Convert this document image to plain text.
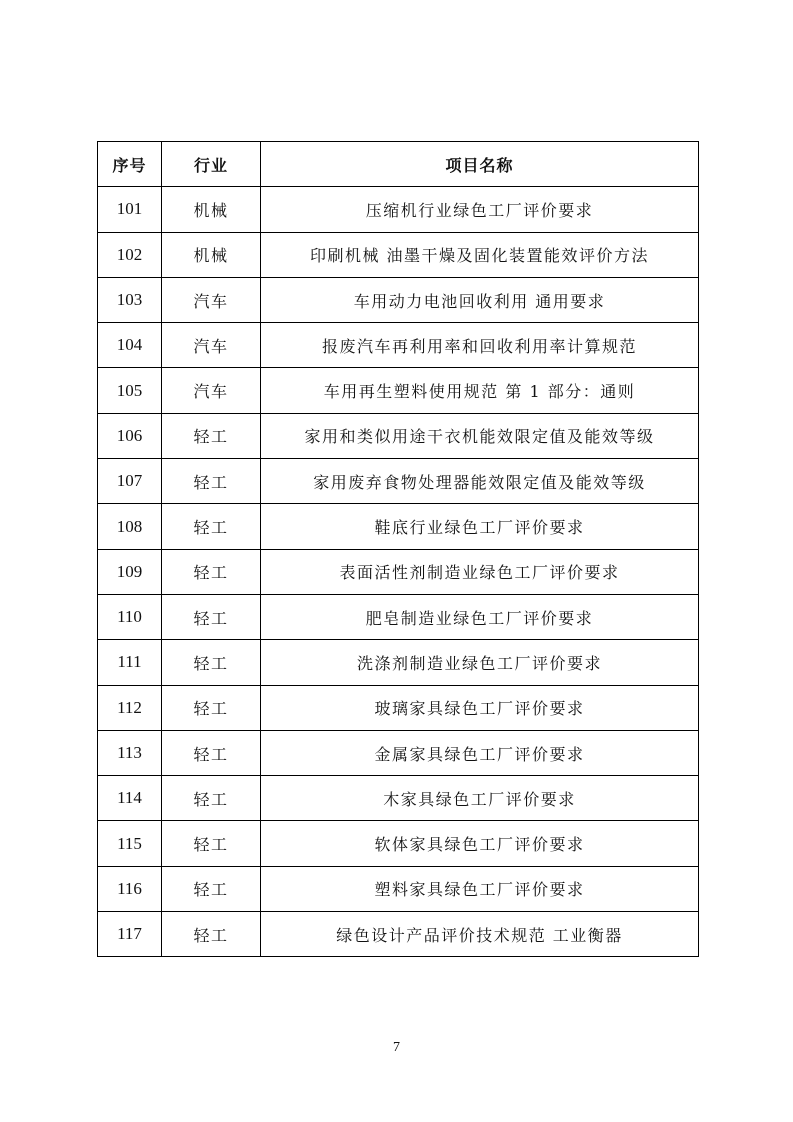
序号	行业	项目名称
101	机械	压缩机行业绿色工厂评价要求
102	机械	印刷机械 油墨干燥及固化装置能效评价方法
103	汽车	车用动力电池回收利用 通用要求
104	汽车	报废汽车再利用率和回收利用率计算规范
105	汽车	车用再生塑料使用规范 第 1 部分：通则
106	轻工	家用和类似用途干衣机能效限定值及能效等级
107	轻工	家用废弃食物处理器能效限定值及能效等级
108	轻工	鞋底行业绿色工厂评价要求
109	轻工	表面活性剂制造业绿色工厂评价要求
110	轻工	肥皂制造业绿色工厂评价要求
111	轻工	洗涤剂制造业绿色工厂评价要求
112	轻工	玻璃家具绿色工厂评价要求
113	轻工	金属家具绿色工厂评价要求
114	轻工	木家具绿色工厂评价要求
115	轻工	软体家具绿色工厂评价要求
116	轻工	塑料家具绿色工厂评价要求
117	轻工	绿色设计产品评价技术规范 工业衡器
7
